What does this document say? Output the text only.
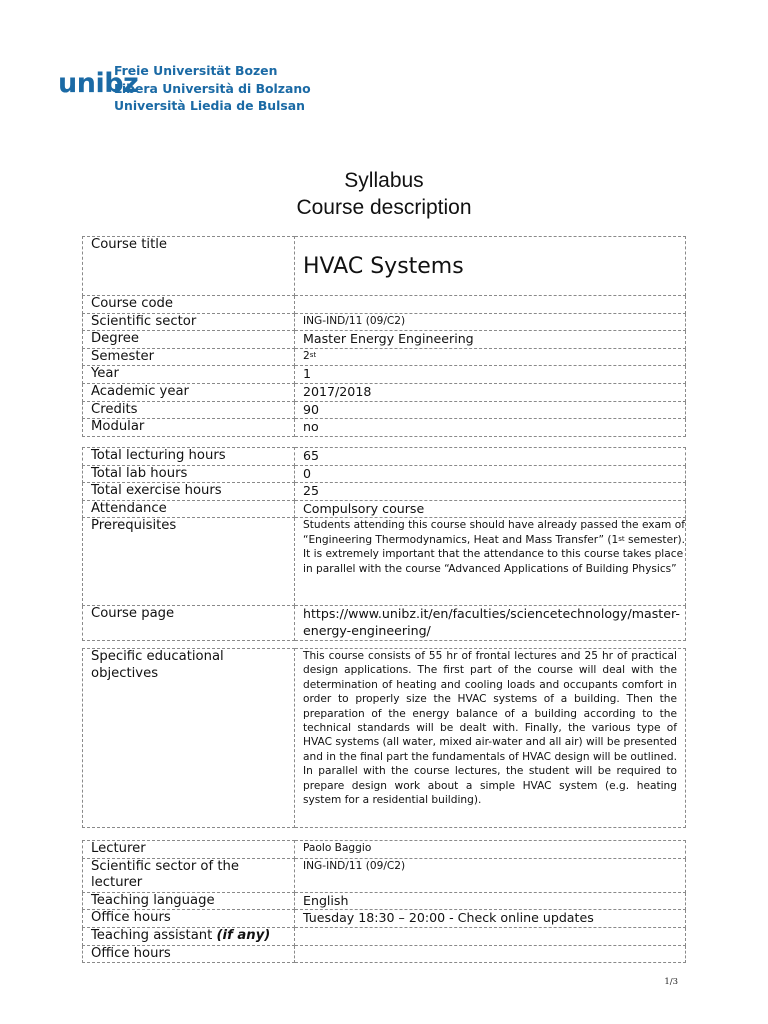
unibz
Freie Universität Bozen
Libera Università di Bolzano
Università Liedia de Bulsan
Syllabus
Course description
Course title	HVAC Systems

Course code	
Scientific sector	ING-IND/11 (09/C2)
Degree	Master Energy Engineering
Semester	2st
Year	1
Academic year	2017/2018
Credits	90
Modular	no
Total lecturing hours	65
Total lab hours	0
Total exercise hours	25
Attendance	Compulsory course
Prerequisites	Students attending this course should have already passed the exam of “Engineering Thermodynamics, Heat and Mass Transfer” (1st semester).
It is extremely important that the attendance to this course takes place in parallel with the course “Advanced Applications of Building Physics”
Course page	https://www.unibz.it/en/faculties/sciencetechnology/master-energy-engineering/
Specific educational objectives	This course consists of 55 hr of frontal lectures and 25 hr of practical design applications. The first part of the course will deal with the determination of heating and cooling loads and occupants comfort in order to properly size the HVAC systems of a building. Then the preparation of the energy balance of a building according to the technical standards will be dealt with. Finally, the various type of HVAC systems (all water, mixed air-water and all air) will be presented and in the final part the fundamentals of HVAC design will be outlined. In parallel with the course lectures, the student will be required to prepare design work about a simple HVAC system (e.g. heating system for a residential building).
Lecturer	Paolo Baggio
Scientific sector of the lecturer	ING-IND/11 (09/C2)
Teaching language	English
Office hours	Tuesday 18:30 – 20:00 - Check online updates
Teaching assistant (if any)	
Office hours	
1/3
